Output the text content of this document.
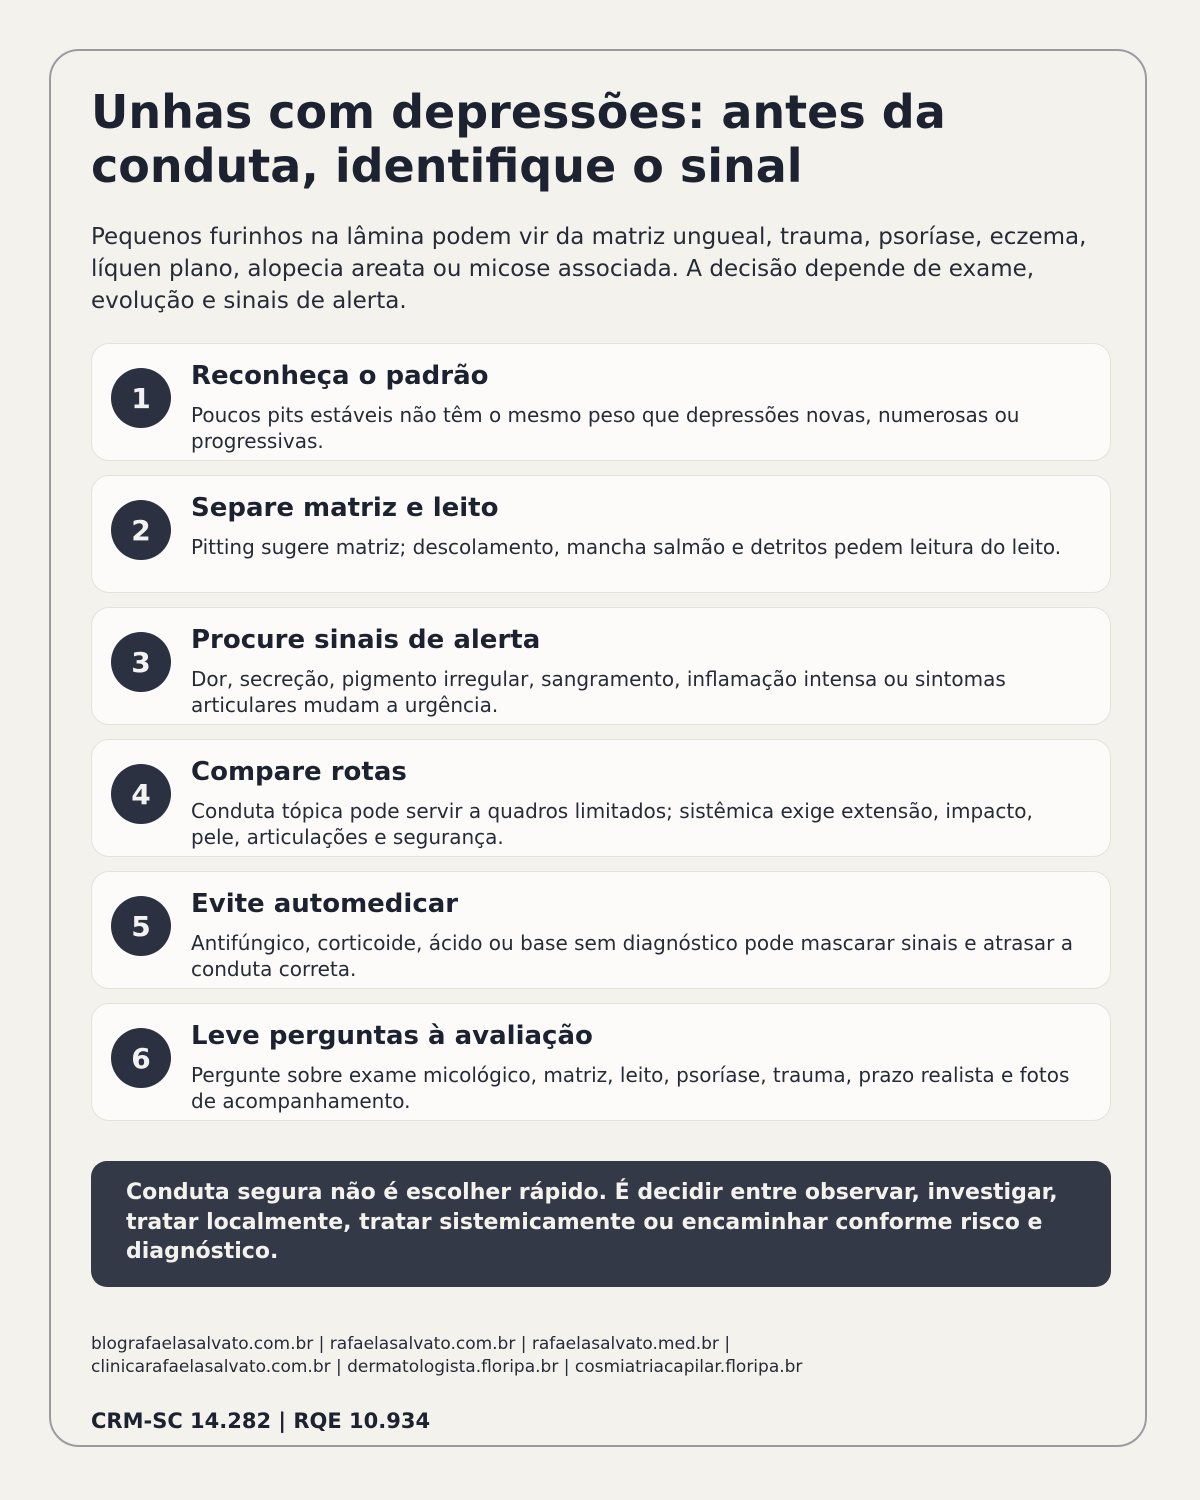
Unhas com depressões: antes da conduta, identifique o sinal

Pequenos furinhos na lâmina podem vir da matriz ungueal, trauma, psoríase, eczema, líquen plano, alopecia areata ou micose associada. A decisão depende de exame, evolução e sinais de alerta.

1
Reconheça o padrão
Poucos pits estáveis não têm o mesmo peso que depressões novas, numerosas ou progressivas.
2
Separe matriz e leito
Pitting sugere matriz; descolamento, mancha salmão e detritos pedem leitura do leito.
3
Procure sinais de alerta
Dor, secreção, pigmento irregular, sangramento, inflamação intensa ou sintomas articulares mudam a urgência.
4
Compare rotas
Conduta tópica pode servir a quadros limitados; sistêmica exige extensão, impacto, pele, articulações e segurança.
5
Evite automedicar
Antifúngico, corticoide, ácido ou base sem diagnóstico pode mascarar sinais e atrasar a conduta correta.
6
Leve perguntas à avaliação
Pergunte sobre exame micológico, matriz, leito, psoríase, trauma, prazo realista e fotos de acompanhamento.

Conduta segura não é escolher rápido. É decidir entre observar, investigar, tratar localmente, tratar sistemicamente ou encaminhar conforme risco e diagnóstico.

blografaelasalvato.com.br | rafaelasalvato.com.br | rafaelasalvato.med.br |
clinicarafaelasalvato.com.br | dermatologista.floripa.br | cosmiatriacapilar.floripa.br

CRM-SC 14.282 | RQE 10.934
